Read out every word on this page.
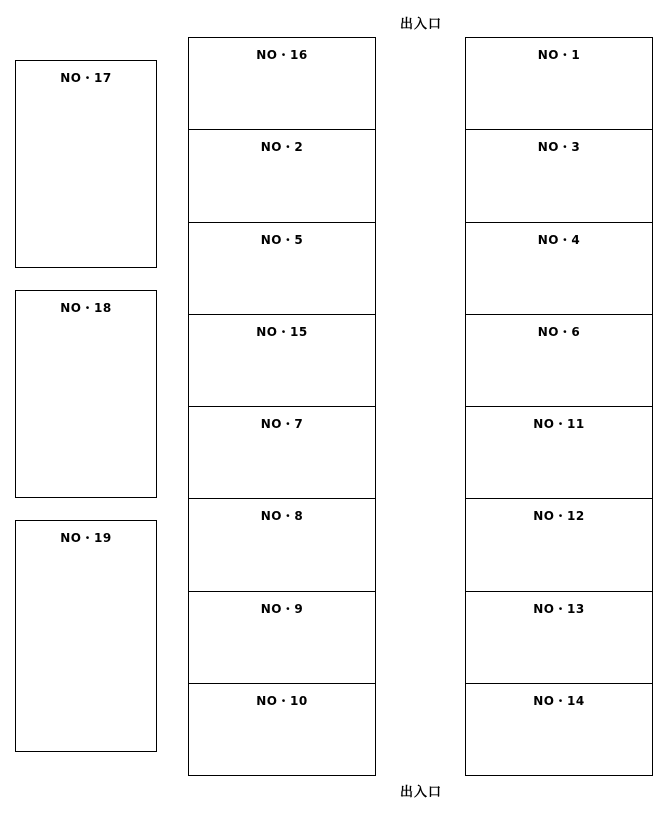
出入口
NO・17
NO・18
NO・19
NO・16
NO・2
NO・5
NO・15
NO・7
NO・8
NO・9
NO・10
NO・1
NO・3
NO・4
NO・6
NO・11
NO・12
NO・13
NO・14
出入口
